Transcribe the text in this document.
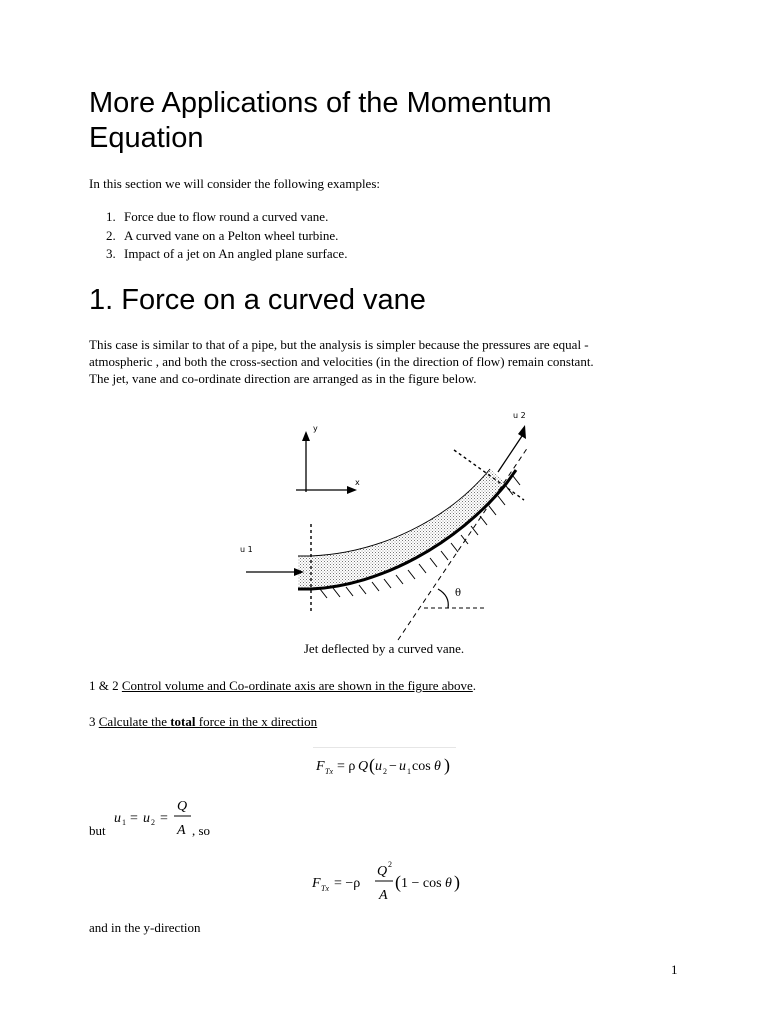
More Applications of the Momentum
Equation
In this section we will consider the following examples:
1. Force due to flow round a curved vane.
2. A curved vane on a Pelton wheel turbine.
3. Impact of a jet on An angled plane surface.
1. Force on a curved vane
This case is similar to that of a pipe, but the analysis is simpler because the pressures are equal -
atmospheric , and both the cross-section and velocities (in the direction of flow) remain constant.
The jet, vane and co-ordinate direction are arranged as in the figure below.
y
x
u 1
u 2
θ
Jet deflected by a curved vane.
1 & 2 Control volume and Co-ordinate axis are shown in the figure above.
3 Calculate the total force in the x direction
F Tx = ρ Q ( u 2 − u 1 cos θ )
but
u 1 = u 2 =
Q
A , so
F Tx = −ρ
Q 2
A
( 1 − cos θ )
and in the y-direction
1
